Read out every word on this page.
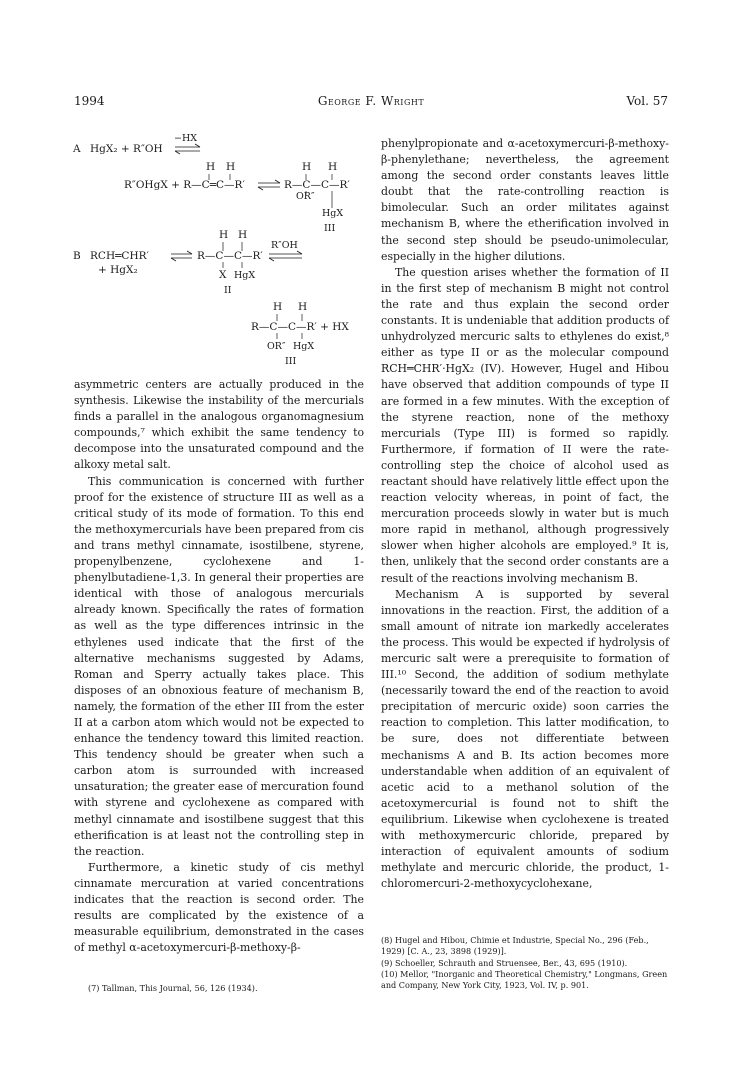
1994	George F. Wright	Vol. 57
A HgX₂ + R″OH
−HX
H H
R″OHgX + R—C═C—R′
H H
R—C—C—R′
OR″
HgX
III
H H
B RCH═CHR′	R—C—C—R′
R″OH
+ HgX₂	X HgX
II
H H
R—C—C—R′ + HX
OR″ HgX
III

asymmetric centers are actually produced in the synthesis. Likewise the instability of the mercurials finds a parallel in the analogous organomagnesium compounds,⁷ which exhibit the same tendency to decompose into the unsaturated compound and the alkoxy metal salt.

This communication is concerned with further proof for the existence of structure III as well as a critical study of its mode of formation. To this end the methoxymercurials have been prepared from cis and trans methyl cinnamate, isostilbene, styrene, propenylbenzene, cyclohexene and 1-phenylbutadiene-1,3. In general their properties are identical with those of analogous mercurials already known. Specifically the rates of formation as well as the type differences intrinsic in the ethylenes used indicate that the first of the alternative mechanisms suggested by Adams, Roman and Sperry actually takes place. This disposes of an obnoxious feature of mechanism B, namely, the formation of the ether III from the ester II at a carbon atom which would not be expected to enhance the tendency toward this limited reaction. This tendency should be greater when such a carbon atom is surrounded with increased unsaturation; the greater ease of mercuration found with styrene and cyclohexene as compared with methyl cinnamate and isostilbene suggest that this etherification is at least not the controlling step in the reaction.

Furthermore, a kinetic study of cis methyl cinnamate mercuration at varied concentrations indicates that the reaction is second order. The results are complicated by the existence of a measurable equilibrium, demonstrated in the cases of methyl α-acetoxymercuri-β-methoxy-β-

(7) Tallman, This Journal, 56, 126 (1934).

phenylpropionate and α-acetoxymercuri-β-methoxy-β-phenylethane; nevertheless, the agreement among the second order constants leaves little doubt that the rate-controlling reaction is bimolecular. Such an order militates against mechanism B, where the etherification involved in the second step should be pseudo-unimolecular, especially in the higher dilutions.

The question arises whether the formation of II in the first step of mechanism B might not control the rate and thus explain the second order constants. It is undeniable that addition products of unhydrolyzed mercuric salts to ethylenes do exist,⁸ either as type II or as the molecular compound RCH═CHR′·HgX₂ (IV). However, Hugel and Hibou have observed that addition compounds of type II are formed in a few minutes. With the exception of the styrene reaction, none of the methoxy mercurials (Type III) is formed so rapidly. Furthermore, if formation of II were the rate-controlling step the choice of alcohol used as reactant should have relatively little effect upon the reaction velocity whereas, in point of fact, the mercuration proceeds slowly in water but is much more rapid in methanol, although progressively slower when higher alcohols are employed.⁹ It is, then, unlikely that the second order constants are a result of the reactions involving mechanism B.

Mechanism A is supported by several innovations in the reaction. First, the addition of a small amount of nitrate ion markedly accelerates the process. This would be expected if hydrolysis of mercuric salt were a prerequisite to formation of III.¹⁰ Second, the addition of sodium methylate (necessarily toward the end of the reaction to avoid precipitation of mercuric oxide) soon carries the reaction to completion. This latter modification, to be sure, does not differentiate between mechanisms A and B. Its action becomes more understandable when addition of an equivalent of acetic acid to a methanol solution of the acetoxymercurial is found not to shift the equilibrium. Likewise when cyclohexene is treated with methoxymercuric chloride, prepared by interaction of equivalent amounts of sodium methylate and mercuric chloride, the product, 1-chloromercuri-2-methoxycyclohexane,

(8) Hugel and Hibou, Chimie et Industrie, Special No., 296 (Feb., 1929) [C. A., 23, 3898 (1929)].
(9) Schoeller, Schrauth and Struensee, Ber., 43, 695 (1910).
(10) Mellor, "Inorganic and Theoretical Chemistry," Longmans, Green and Company, New York City, 1923, Vol. IV, p. 901.
